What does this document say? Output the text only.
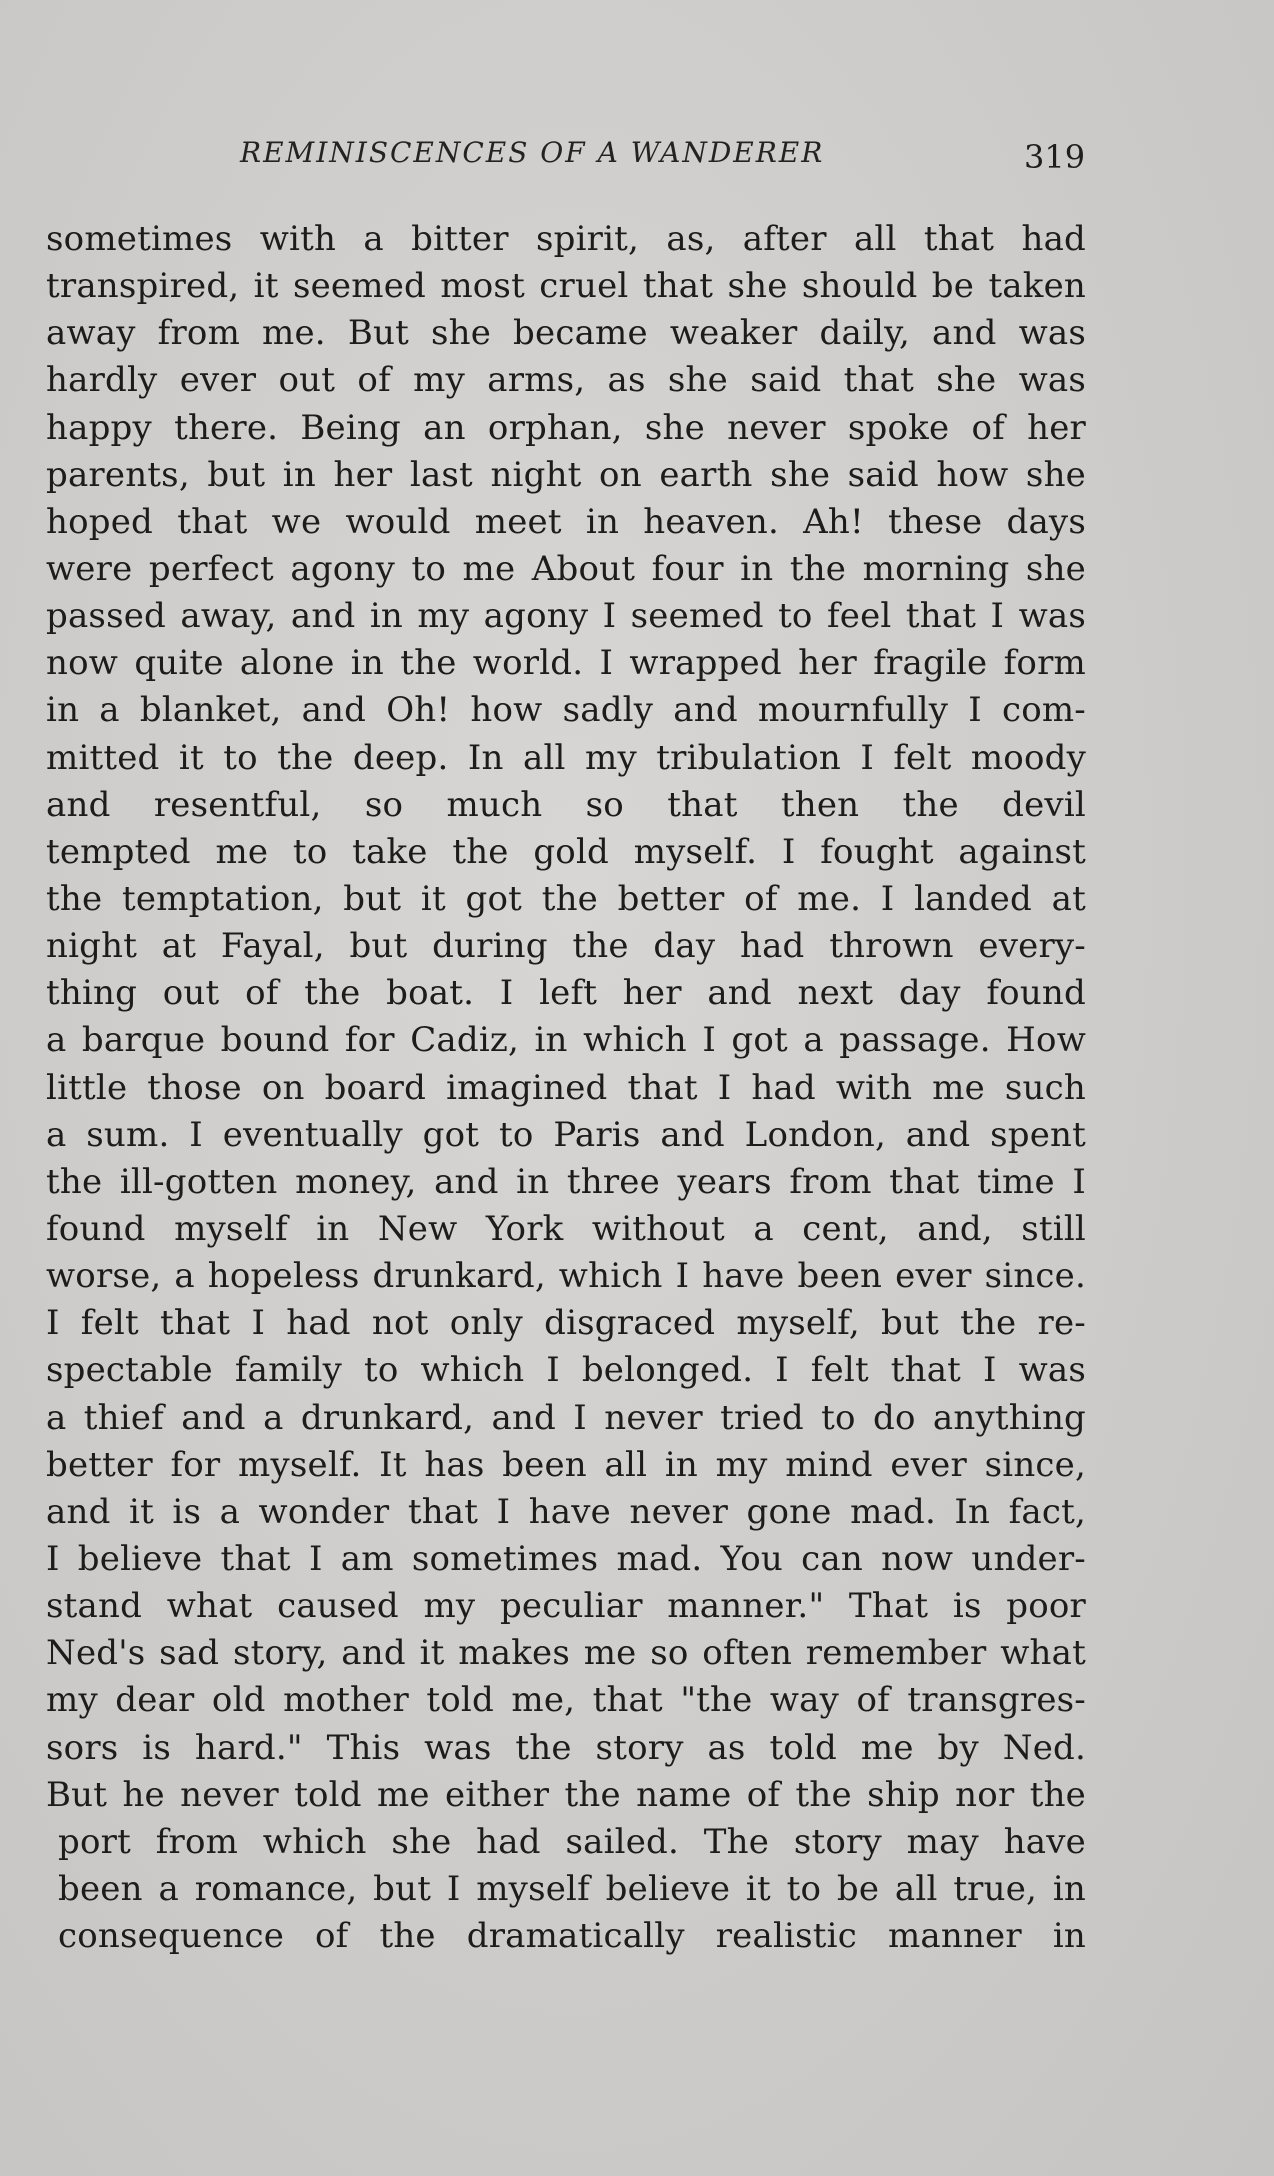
REMINISCENCES OF A WANDERER	319
sometimes with a bitter spirit, as, after all that had
transpired, it seemed most cruel that she should be taken
away from me. But she became weaker daily, and was
hardly ever out of my arms, as she said that she was
happy there. Being an orphan, she never spoke of her
parents, but in her last night on earth she said how she
hoped that we would meet in heaven. Ah! these days
were perfect agony to me About four in the morning she
passed away, and in my agony I seemed to feel that I was
now quite alone in the world. I wrapped her fragile form
in a blanket, and Oh! how sadly and mournfully I com-
mitted it to the deep. In all my tribulation I felt moody
and resentful, so much so that then the devil
tempted me to take the gold myself. I fought against
the temptation, but it got the better of me. I landed at
night at Fayal, but during the day had thrown every-
thing out of the boat. I left her and next day found
a barque bound for Cadiz, in which I got a passage. How
little those on board imagined that I had with me such
a sum. I eventually got to Paris and London, and spent
the ill-gotten money, and in three years from that time I
found myself in New York without a cent, and, still
worse, a hopeless drunkard, which I have been ever since.
I felt that I had not only disgraced myself, but the re-
spectable family to which I belonged. I felt that I was
a thief and a drunkard, and I never tried to do anything
better for myself. It has been all in my mind ever since,
and it is a wonder that I have never gone mad. In fact,
I believe that I am sometimes mad. You can now under-
stand what caused my peculiar manner." That is poor
Ned's sad story, and it makes me so often remember what
my dear old mother told me, that "the way of transgres-
sors is hard." This was the story as told me by Ned.
But he never told me either the name of the ship nor the
port from which she had sailed. The story may have
been a romance, but I myself believe it to be all true, in
consequence of the dramatically realistic manner in
